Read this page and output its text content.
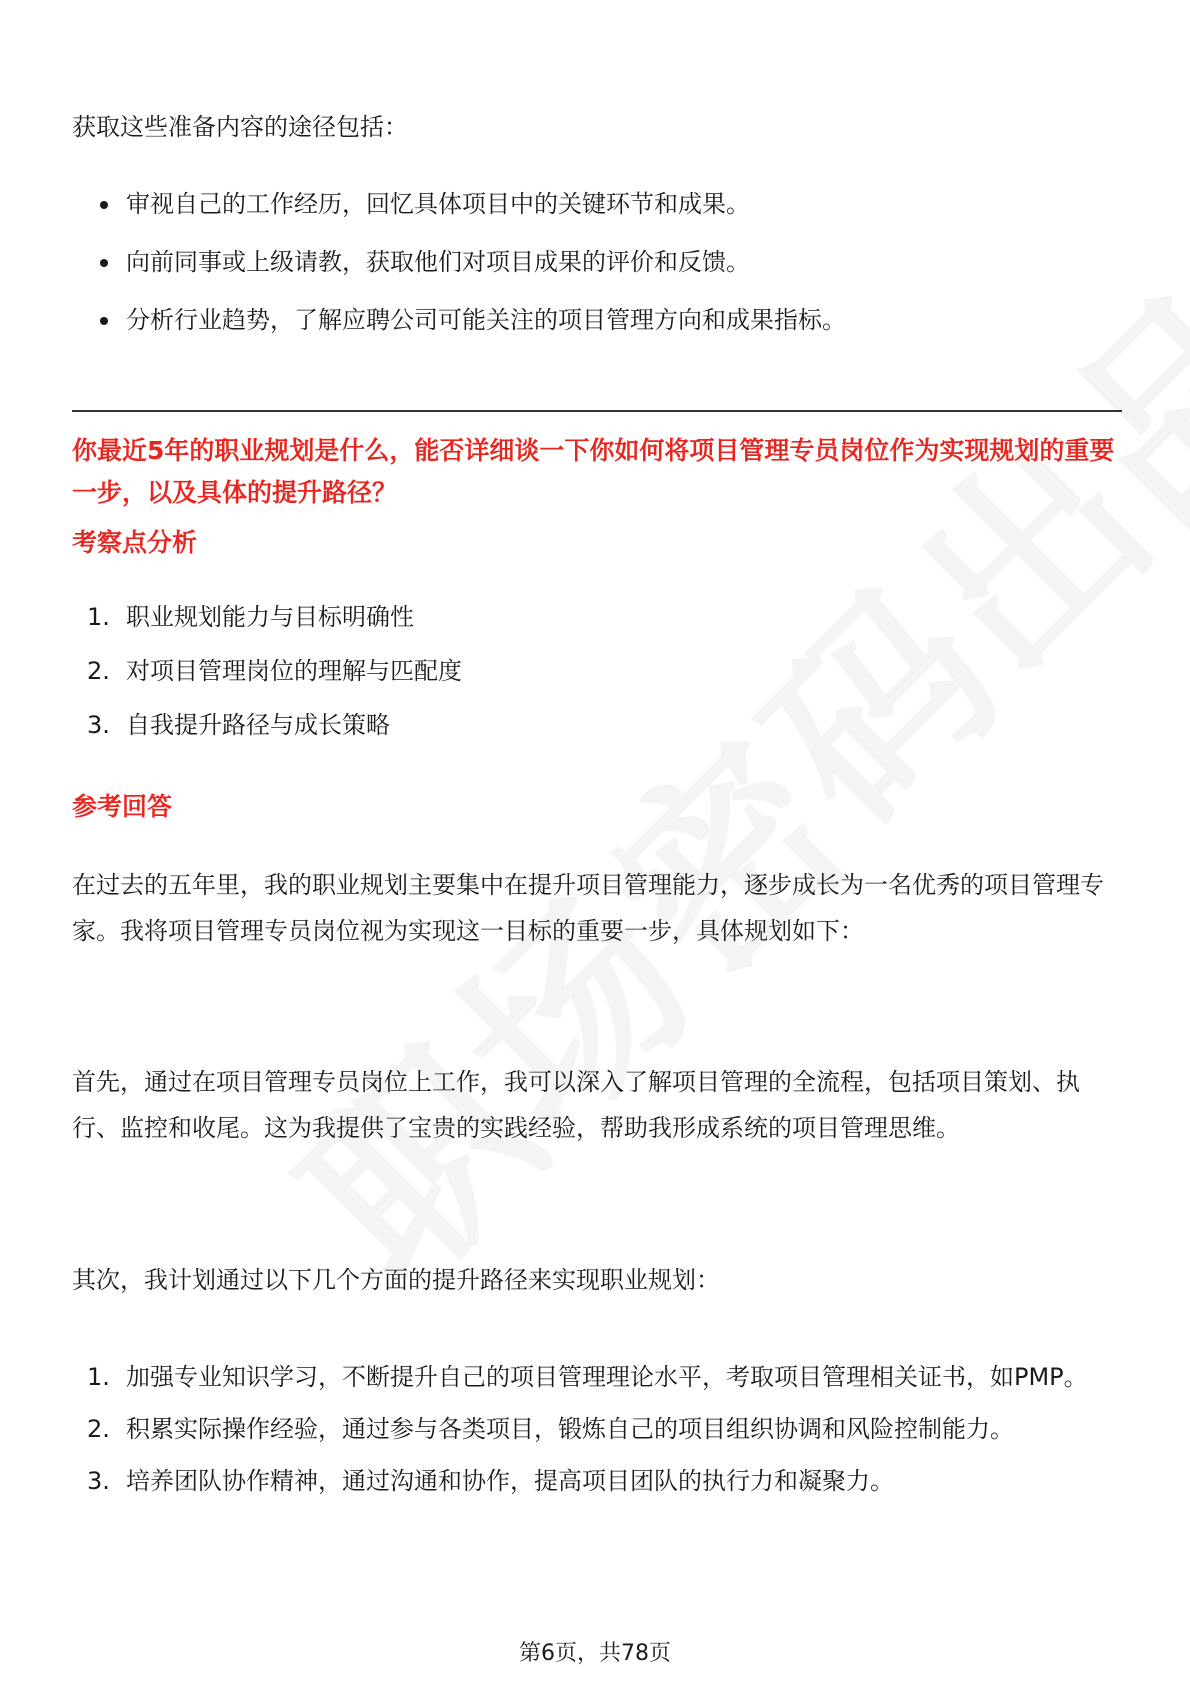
获取这些准备内容的途径包括：

审视自己的工作经历，回忆具体项目中的关键环节和成果。
向前同事或上级请教，获取他们对项目成果的评价和反馈。
分析行业趋势，了解应聘公司可能关注的项目管理方向和成果指标。
你最近5年的职业规划是什么，能否详细谈一下你如何将项目管理专员岗位作为实现规划的重要一步，以及具体的提升路径？
考察点分析
1. 职业规划能力与目标明确性
2. 对项目管理岗位的理解与匹配度
3. 自我提升路径与成长策略
参考回答

在过去的五年里，我的职业规划主要集中在提升项目管理能力，逐步成长为一名优秀的项目管理专家。我将项目管理专员岗位视为实现这一目标的重要一步，具体规划如下：

首先，通过在项目管理专员岗位上工作，我可以深入了解项目管理的全流程，包括项目策划、执行、监控和收尾。这为我提供了宝贵的实践经验，帮助我形成系统的项目管理思维。

其次，我计划通过以下几个方面的提升路径来实现职业规划：

1. 加强专业知识学习，不断提升自己的项目管理理论水平，考取项目管理相关证书，如PMP。
2. 积累实际操作经验，通过参与各类项目，锻炼自己的项目组织协调和风险控制能力。
3. 培养团队协作精神，通过沟通和协作，提高项目团队的执行力和凝聚力。
第6页，共78页
